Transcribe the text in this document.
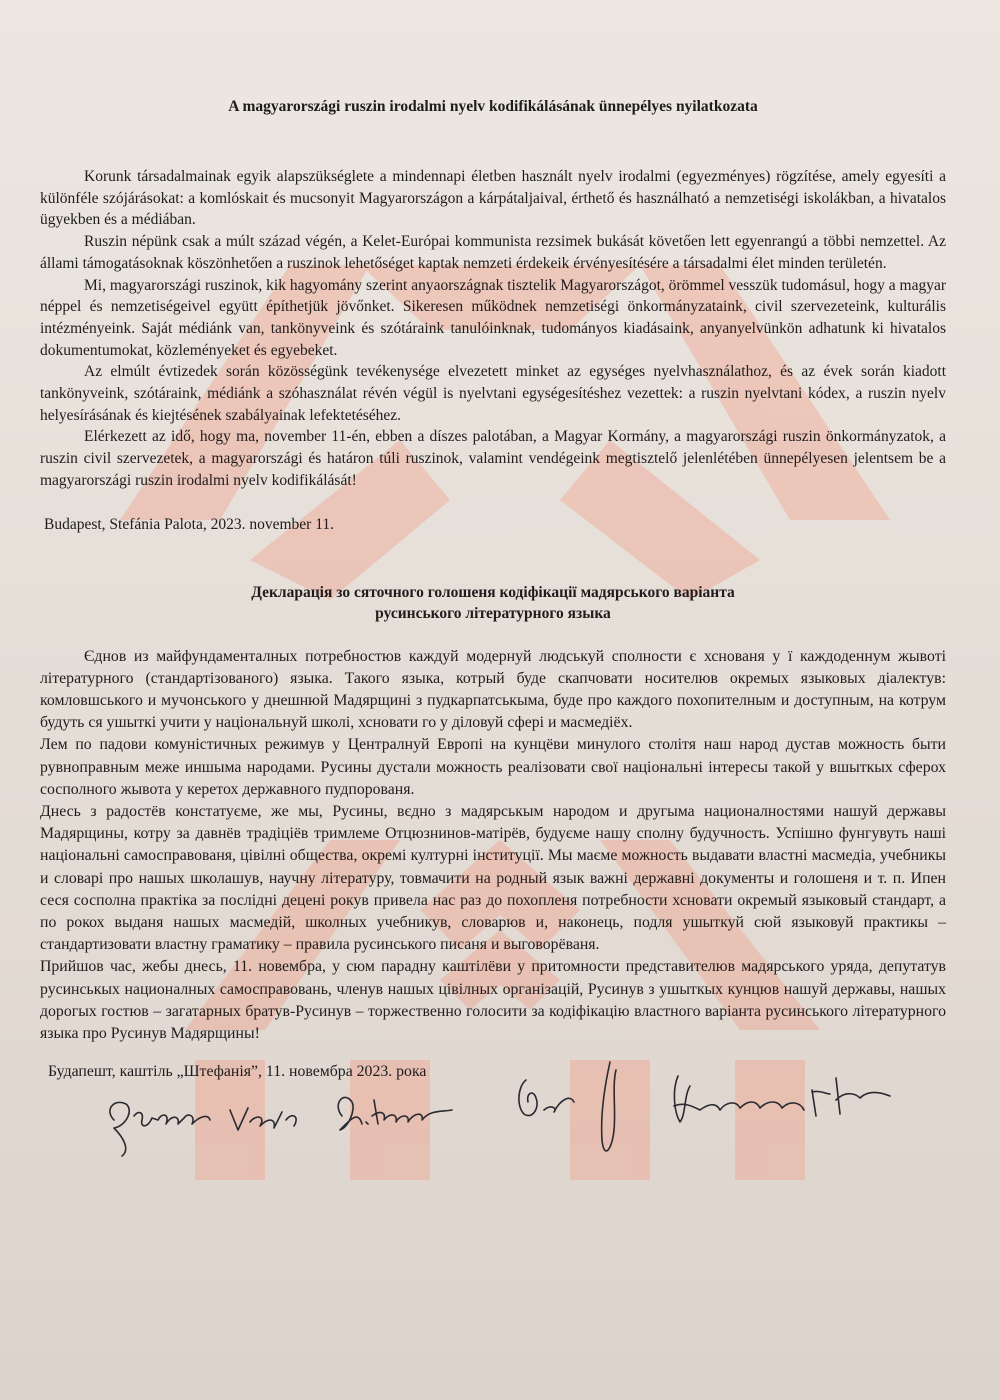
A magyarországi ruszin irodalmi nyelv kodifikálásának ünnepélyes nyilatkozata

Korunk társadalmainak egyik alapszükséglete a mindennapi életben használt nyelv irodalmi (egyezményes) rögzítése, amely egyesíti a különféle szójárásokat: a komlóskait és mucsonyit Magyarországon a kárpátaljaival, érthető és használható a nemzetiségi iskolákban, a hivatalos ügyekben és a médiában.

Ruszin népünk csak a múlt század végén, a Kelet-Európai kommunista rezsimek bukását követően lett egyenrangú a többi nemzettel. Az állami támogatásoknak köszönhetően a ruszinok lehetőséget kaptak nemzeti érdekeik érvényesítésére a társadalmi élet minden területén.

Mi, magyarországi ruszinok, kik hagyomány szerint anyaországnak tisztelik Magyarországot, örömmel vesszük tudomásul, hogy a magyar néppel és nemzetiségeivel együtt építhetjük jövőnket. Sikeresen működnek nemzetiségi önkormányzataink, civil szervezeteink, kulturális intézményeink. Saját médiánk van, tankönyveink és szótáraink tanulóinknak, tudományos kiadásaink, anyanyelvünkön adhatunk ki hivatalos dokumentumokat, közleményeket és egyebeket.

Az elmúlt évtizedek során közösségünk tevékenysége elvezetett minket az egységes nyelvhasználathoz, és az évek során kiadott tankönyveink, szótáraink, médiánk a szóhasználat révén végül is nyelvtani egységesítéshez vezettek: a ruszin nyelvtani kódex, a ruszin nyelv helyesírásának és kiejtésének szabályainak lefektetéséhez.

Elérkezett az idő, hogy ma, november 11-én, ebben a díszes palotában, a Magyar Kormány, a magyarországi ruszin önkormányzatok, a ruszin civil szervezetek, a magyarországi és határon túli ruszinok, valamint vendégeink megtisztelő jelenlétében ünnepélyesen jelentsem be a magyarországi ruszin irodalmi nyelv kodifikálását!

Budapest, Stefánia Palota, 2023. november 11.
Декларація зо сяточного голошеня кодіфікації мадярського варіанта
русинського літературного языка

Єднов из майфундаменталных потребностюв каждуй модернуй людськуй сполности є хснованя у ї каждоденнум жывоті літературного (стандартізованого) языка. Такого языка, котрый буде скапчовати носителюв окремых языковых діалектув: комловшського и мучонського у днешнюй Мадярщині з пудкарпатськыма, буде про каждого похопителным и доступным, на котрум будуть ся ушыткі учити у національнуй школі, хсновати го у діловуй сфері и масмедіёх.

Лем по падови комуністичных режимув у Централнуй Европі на кунцёви минулого столітя наш народ дустав можность быти рувноправным меже иншыма народами. Русины дустали можность реалізовати свої національні інтересы такой у вшыткых сферох сосполного жывота у керетох державного пудпорованя.

Днесь з радостёв констатуєме, же мы, Русины, вєдно з мадярськым народом и другыма националностями нашуй державы Мадярщины, котру за давнёв традіцiёв тримлеме Отцюзнинов-матірёв, будуєме нашу сполну будучность. Успішно фунгувуть нашi національні самосправованя, цівілні общества, окремі културні інституції. Мы маєме можность выдавати властні масмедіа, учебникы и словарі про нашых школашув, научну літературу, товмачити на родный язык важні державні документы и голошеня и т. п. Ипен сеся сосполна практіка за послідні децені рокув привела нас раз до похопленя потребности хсновати окремый языковый стандарт, а по рокох выданя нашых масмедій, школных учебникув, словарюв и, наконець, подля ушыткуй сюй языковуй практикы – стандартизовати властну граматику – правила русинського писаня и выговорёваня.

Прийшов час, жебы днесь, 11. новембра, у сюм парадну кaштілёви у притомности представителюв мадярського уряда, депутатув русинськых националных самосправовань, членув нашых цівілных організацій, Русинув з ушыткых кунцюв нашуй державы, нашых дорогых гостюв – загатарных братув-Русинув – торжественно голосити за кодіфікацію властного варіанта русинського літературного языка про Русинув Мадярщины!

Будапешт, каштіль „Штефанія”, 11. новембра 2023. рока
